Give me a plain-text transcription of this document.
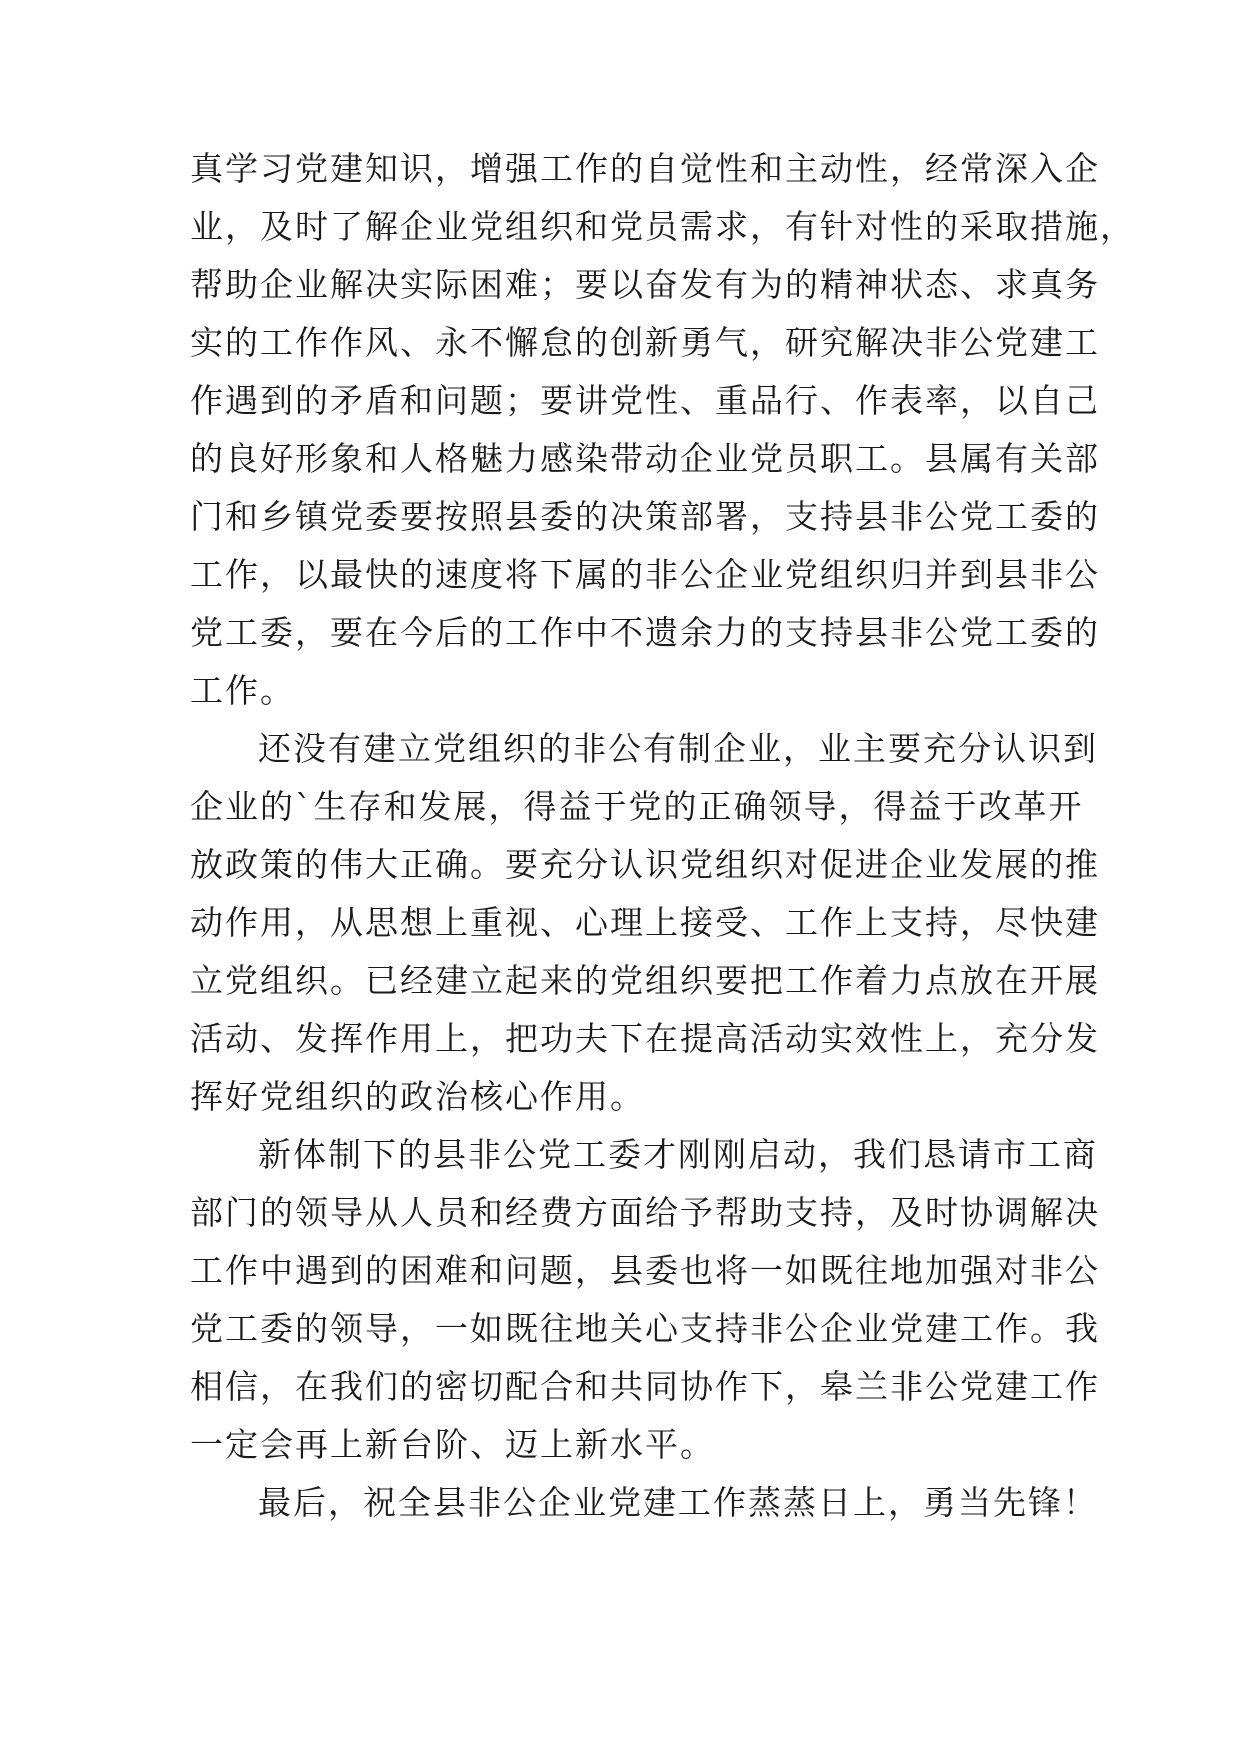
真学习党建知识，增强工作的自觉性和主动性，经常深入企
业，及时了解企业党组织和党员需求，有针对性的采取措施，
帮助企业解决实际困难；要以奋发有为的精神状态、求真务
实的工作作风、永不懈怠的创新勇气，研究解决非公党建工
作遇到的矛盾和问题；要讲党性、重品行、作表率，以自己
的良好形象和人格魅力感染带动企业党员职工。县属有关部
门和乡镇党委要按照县委的决策部署，支持县非公党工委的
工作，以最快的速度将下属的非公企业党组织归并到县非公
党工委，要在今后的工作中不遗余力的支持县非公党工委的
工作。
还没有建立党组织的非公有制企业，业主要充分认识到
企业的`生存和发展，得益于党的正确领导，得益于改革开
放政策的伟大正确。要充分认识党组织对促进企业发展的推
动作用，从思想上重视、心理上接受、工作上支持，尽快建
立党组织。已经建立起来的党组织要把工作着力点放在开展
活动、发挥作用上，把功夫下在提高活动实效性上，充分发
挥好党组织的政治核心作用。
新体制下的县非公党工委才刚刚启动，我们恳请市工商
部门的领导从人员和经费方面给予帮助支持，及时协调解决
工作中遇到的困难和问题，县委也将一如既往地加强对非公
党工委的领导，一如既往地关心支持非公企业党建工作。我
相信，在我们的密切配合和共同协作下，皋兰非公党建工作
一定会再上新台阶、迈上新水平。
最后，祝全县非公企业党建工作蒸蒸日上，勇当先锋！
